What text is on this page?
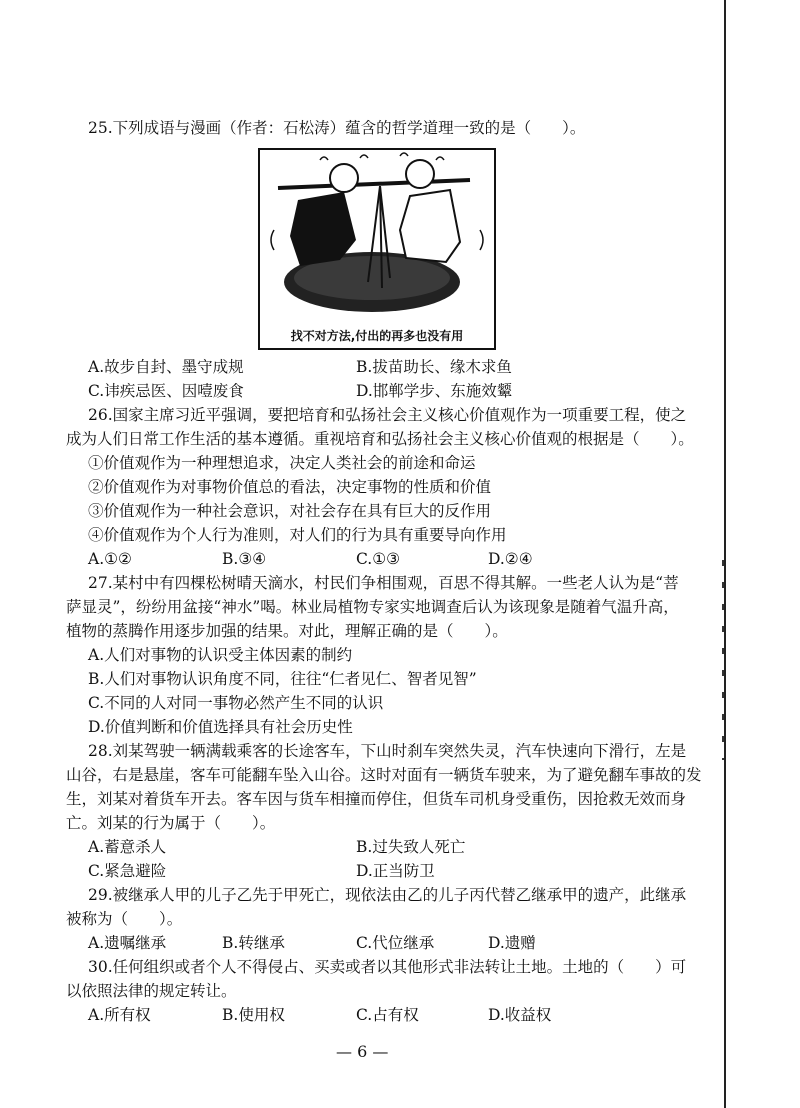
25.下列成语与漫画（作者：石松涛）蕴含的哲学道理一致的是（　　）。
找不对方法,付出的再多也没有用
A.故步自封、墨守成规	B.拔苗助长、缘木求鱼
C.讳疾忌医、因噎废食	D.邯郸学步、东施效颦
26.国家主席习近平强调，要把培育和弘扬社会主义核心价值观作为一项重要工程，使之
成为人们日常工作生活的基本遵循。重视培育和弘扬社会主义核心价值观的根据是（　　）。
①价值观作为一种理想追求，决定人类社会的前途和命运
②价值观作为对事物价值总的看法，决定事物的性质和价值
③价值观作为一种社会意识，对社会存在具有巨大的反作用
④价值观作为个人行为准则，对人们的行为具有重要导向作用
A.①②	B.③④	C.①③	D.②④
27.某村中有四棵松树晴天滴水，村民们争相围观，百思不得其解。一些老人认为是“菩
萨显灵”，纷纷用盆接“神水”喝。林业局植物专家实地调查后认为该现象是随着气温升高，
植物的蒸腾作用逐步加强的结果。对此，理解正确的是（　　）。
A.人们对事物的认识受主体因素的制约
B.人们对事物认识角度不同，往往“仁者见仁、智者见智”
C.不同的人对同一事物必然产生不同的认识
D.价值判断和价值选择具有社会历史性
28.刘某驾驶一辆满载乘客的长途客车，下山时刹车突然失灵，汽车快速向下滑行，左是
山谷，右是悬崖，客车可能翻车坠入山谷。这时对面有一辆货车驶来，为了避免翻车事故的发
生，刘某对着货车开去。客车因与货车相撞而停住，但货车司机身受重伤，因抢救无效而身
亡。刘某的行为属于（　　）。
A.蓄意杀人	B.过失致人死亡
C.紧急避险	D.正当防卫
29.被继承人甲的儿子乙先于甲死亡，现依法由乙的儿子丙代替乙继承甲的遗产，此继承
被称为（　　）。
A.遗嘱继承	B.转继承	C.代位继承	D.遗赠
30.任何组织或者个人不得侵占、买卖或者以其他形式非法转让土地。土地的（　　）可
以依照法律的规定转让。
A.所有权	B.使用权	C.占有权	D.收益权
— 6 —
